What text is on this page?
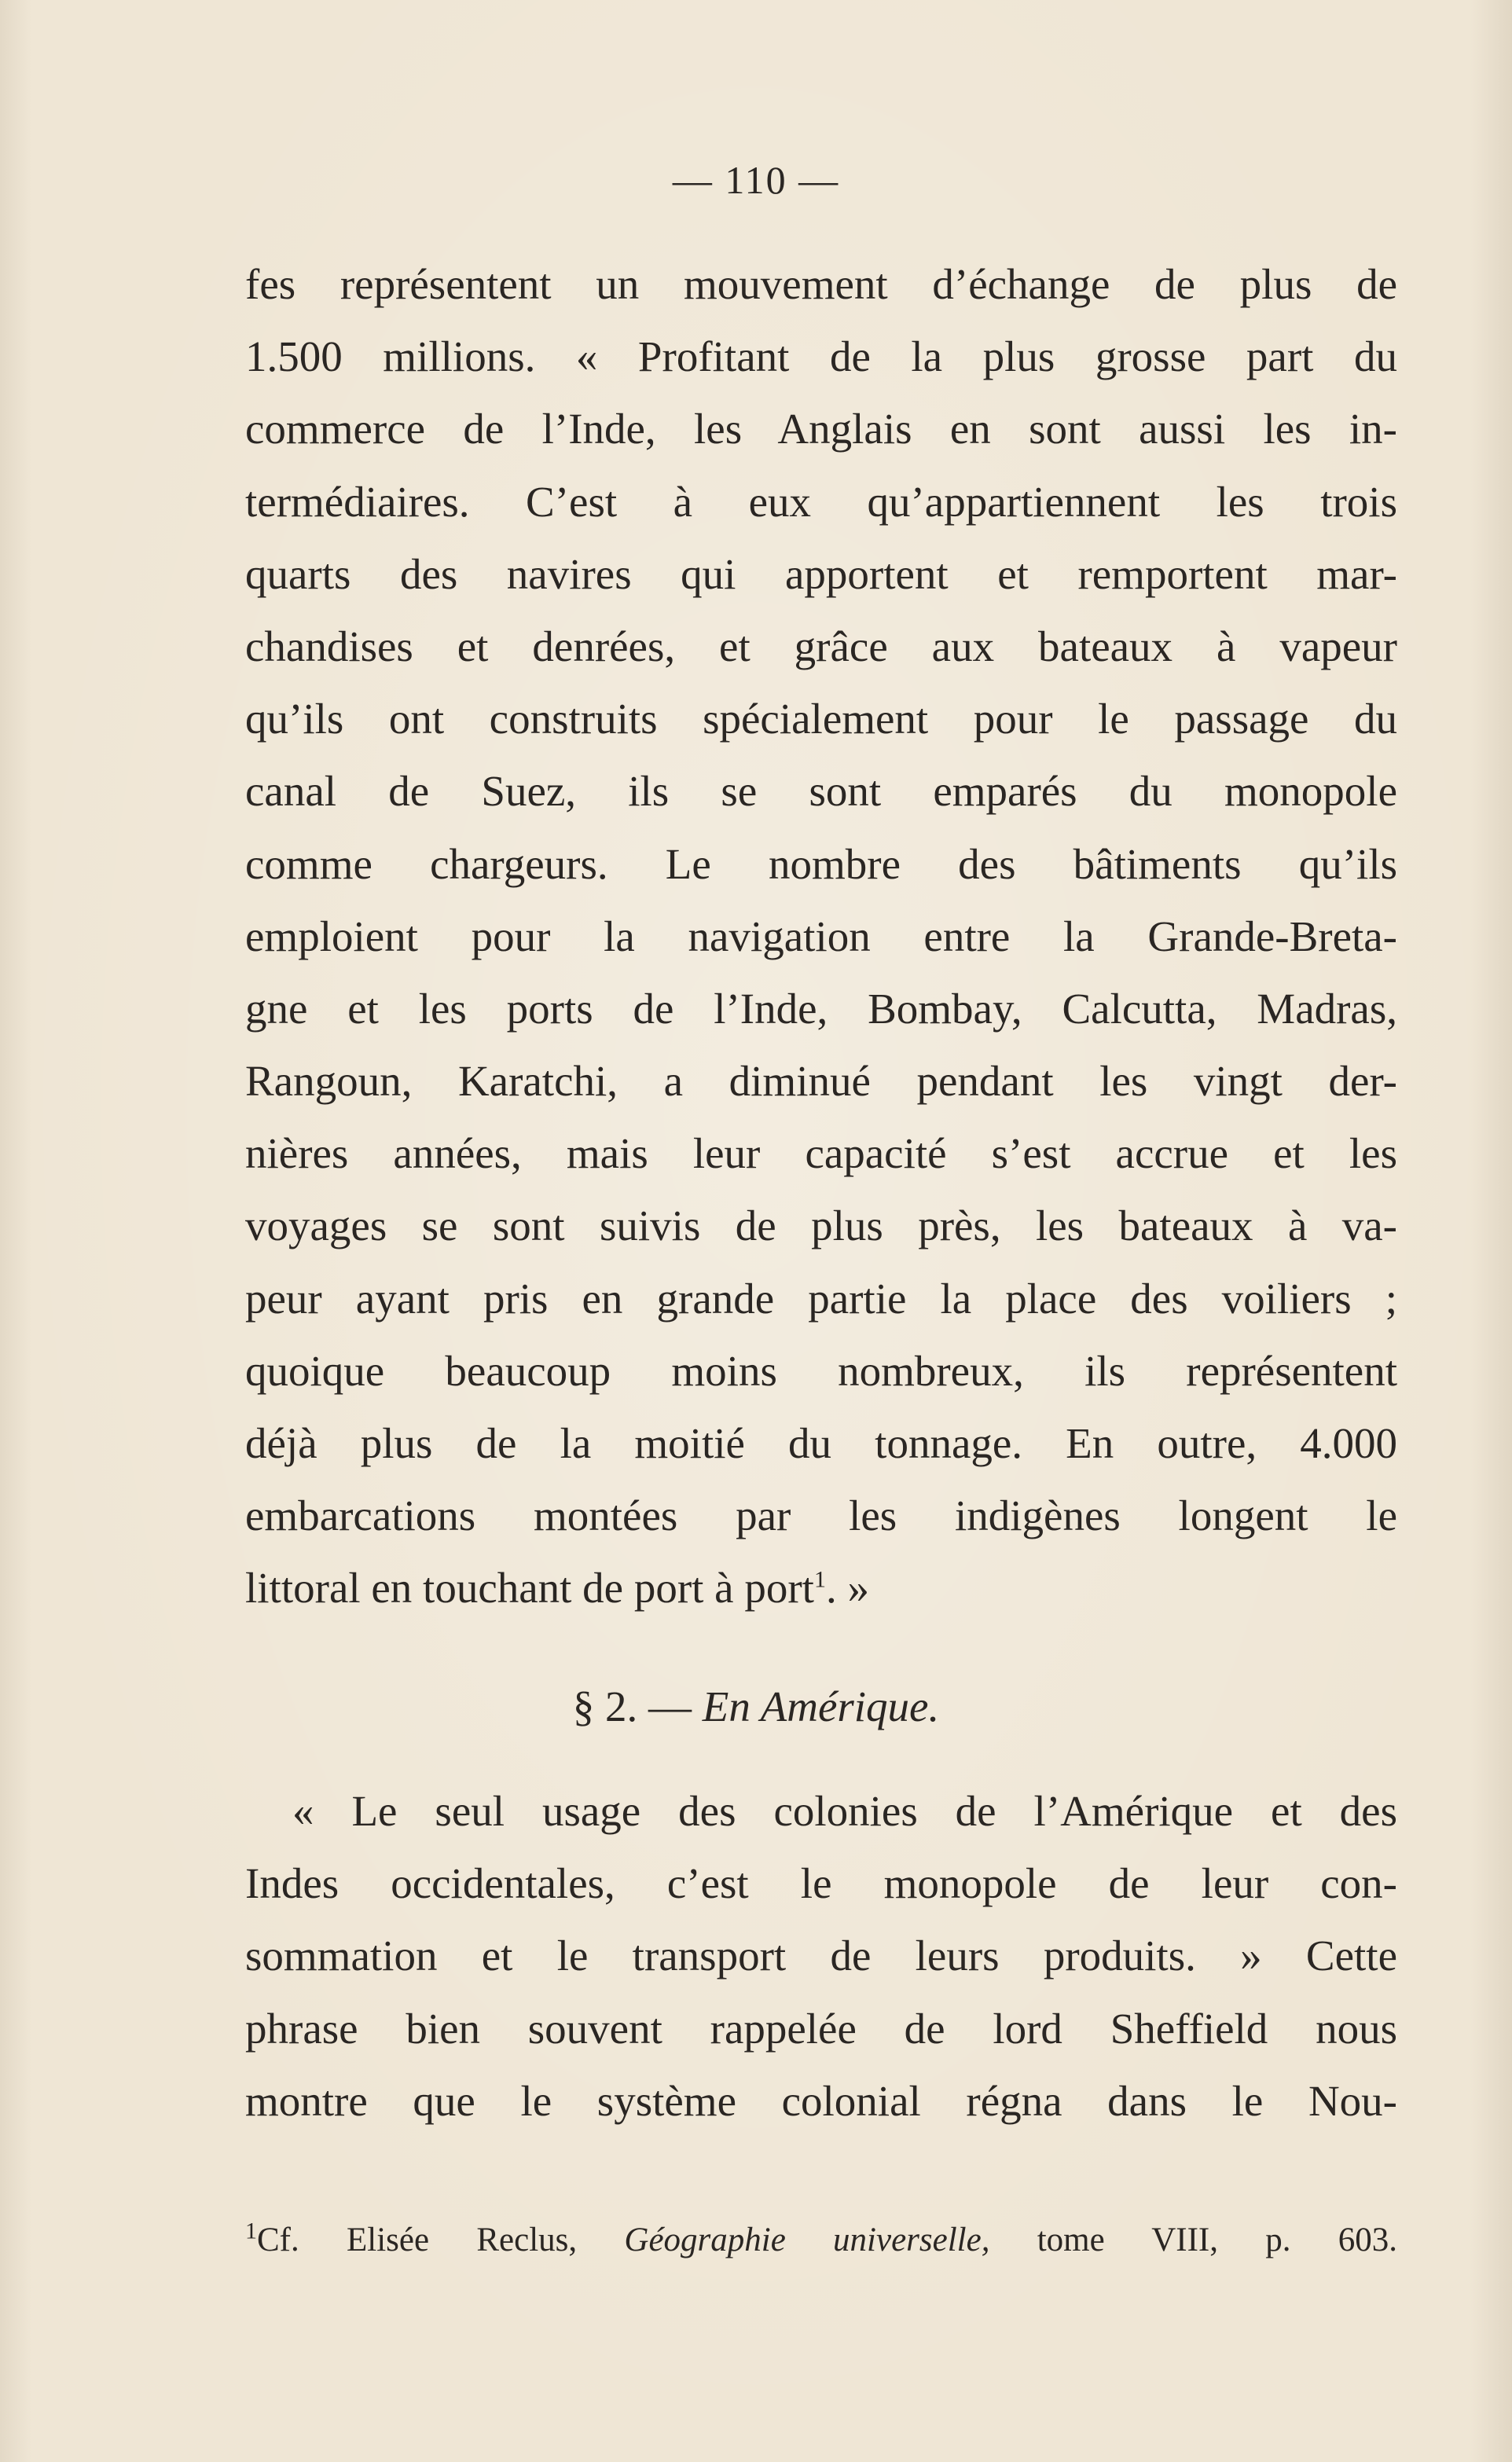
— 110 —
fes représentent un mouvement d’échange de plus de
1.500 millions. « Profitant de la plus grosse part du
commerce de l’Inde, les Anglais en sont aussi les in-
termédiaires. C’est à eux qu’appartiennent les trois
quarts des navires qui apportent et remportent mar-
chandises et denrées, et grâce aux bateaux à vapeur
qu’ils ont construits spécialement pour le passage du
canal de Suez, ils se sont emparés du monopole
comme chargeurs. Le nombre des bâtiments qu’ils
emploient pour la navigation entre la Grande-Breta-
gne et les ports de l’Inde, Bombay, Calcutta, Madras,
Rangoun, Karatchi, a diminué pendant les vingt der-
nières années, mais leur capacité s’est accrue et les
voyages se sont suivis de plus près, les bateaux à va-
peur ayant pris en grande partie la place des voiliers ;
quoique beaucoup moins nombreux, ils représentent
déjà plus de la moitié du tonnage. En outre, 4.000
embarcations montées par les indigènes longent le
littoral en touchant de port à port$^1$. »
§ 2. — En Amérique.
« Le seul usage des colonies de l’Amérique et des
Indes occidentales, c’est le monopole de leur con-
sommation et le transport de leurs produits. » Cette
phrase bien souvent rappelée de lord Sheffield nous
montre que le système colonial régna dans le Nou-
$^1$Cf. Elisée Reclus, Géographie universelle, tome VIII, p. 603.
